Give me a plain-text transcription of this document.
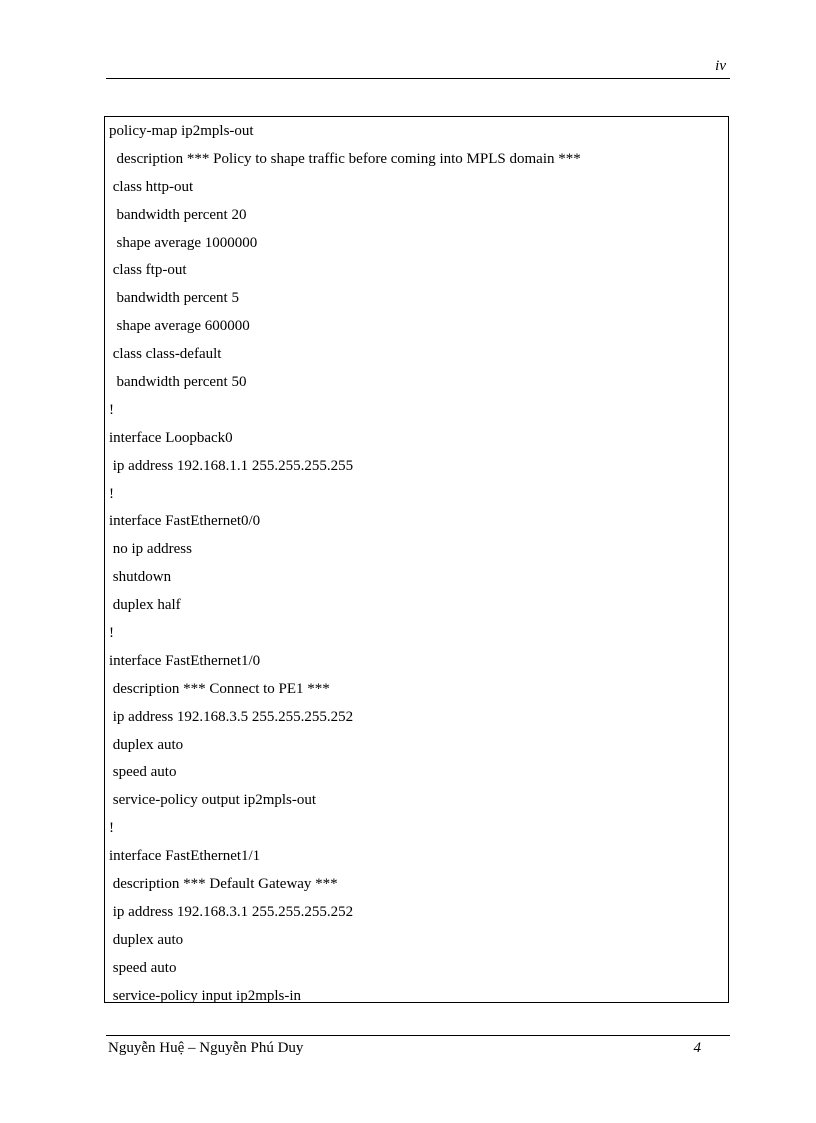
iv
policy-map ip2mpls-out
description *** Policy to shape traffic before coming into MPLS domain ***
class http-out
bandwidth percent 20
shape average 1000000
class ftp-out
bandwidth percent 5
shape average 600000
class class-default
bandwidth percent 50
!
interface Loopback0
ip address 192.168.1.1 255.255.255.255
!
interface FastEthernet0/0
no ip address
shutdown
duplex half
!
interface FastEthernet1/0
description *** Connect to PE1 ***
ip address 192.168.3.5 255.255.255.252
duplex auto
speed auto
service-policy output ip2mpls-out
!
interface FastEthernet1/1
description *** Default Gateway ***
ip address 192.168.3.1 255.255.255.252
duplex auto
speed auto
service-policy input ip2mpls-in
Nguyễn Huệ – Nguyễn Phú Duy	4
